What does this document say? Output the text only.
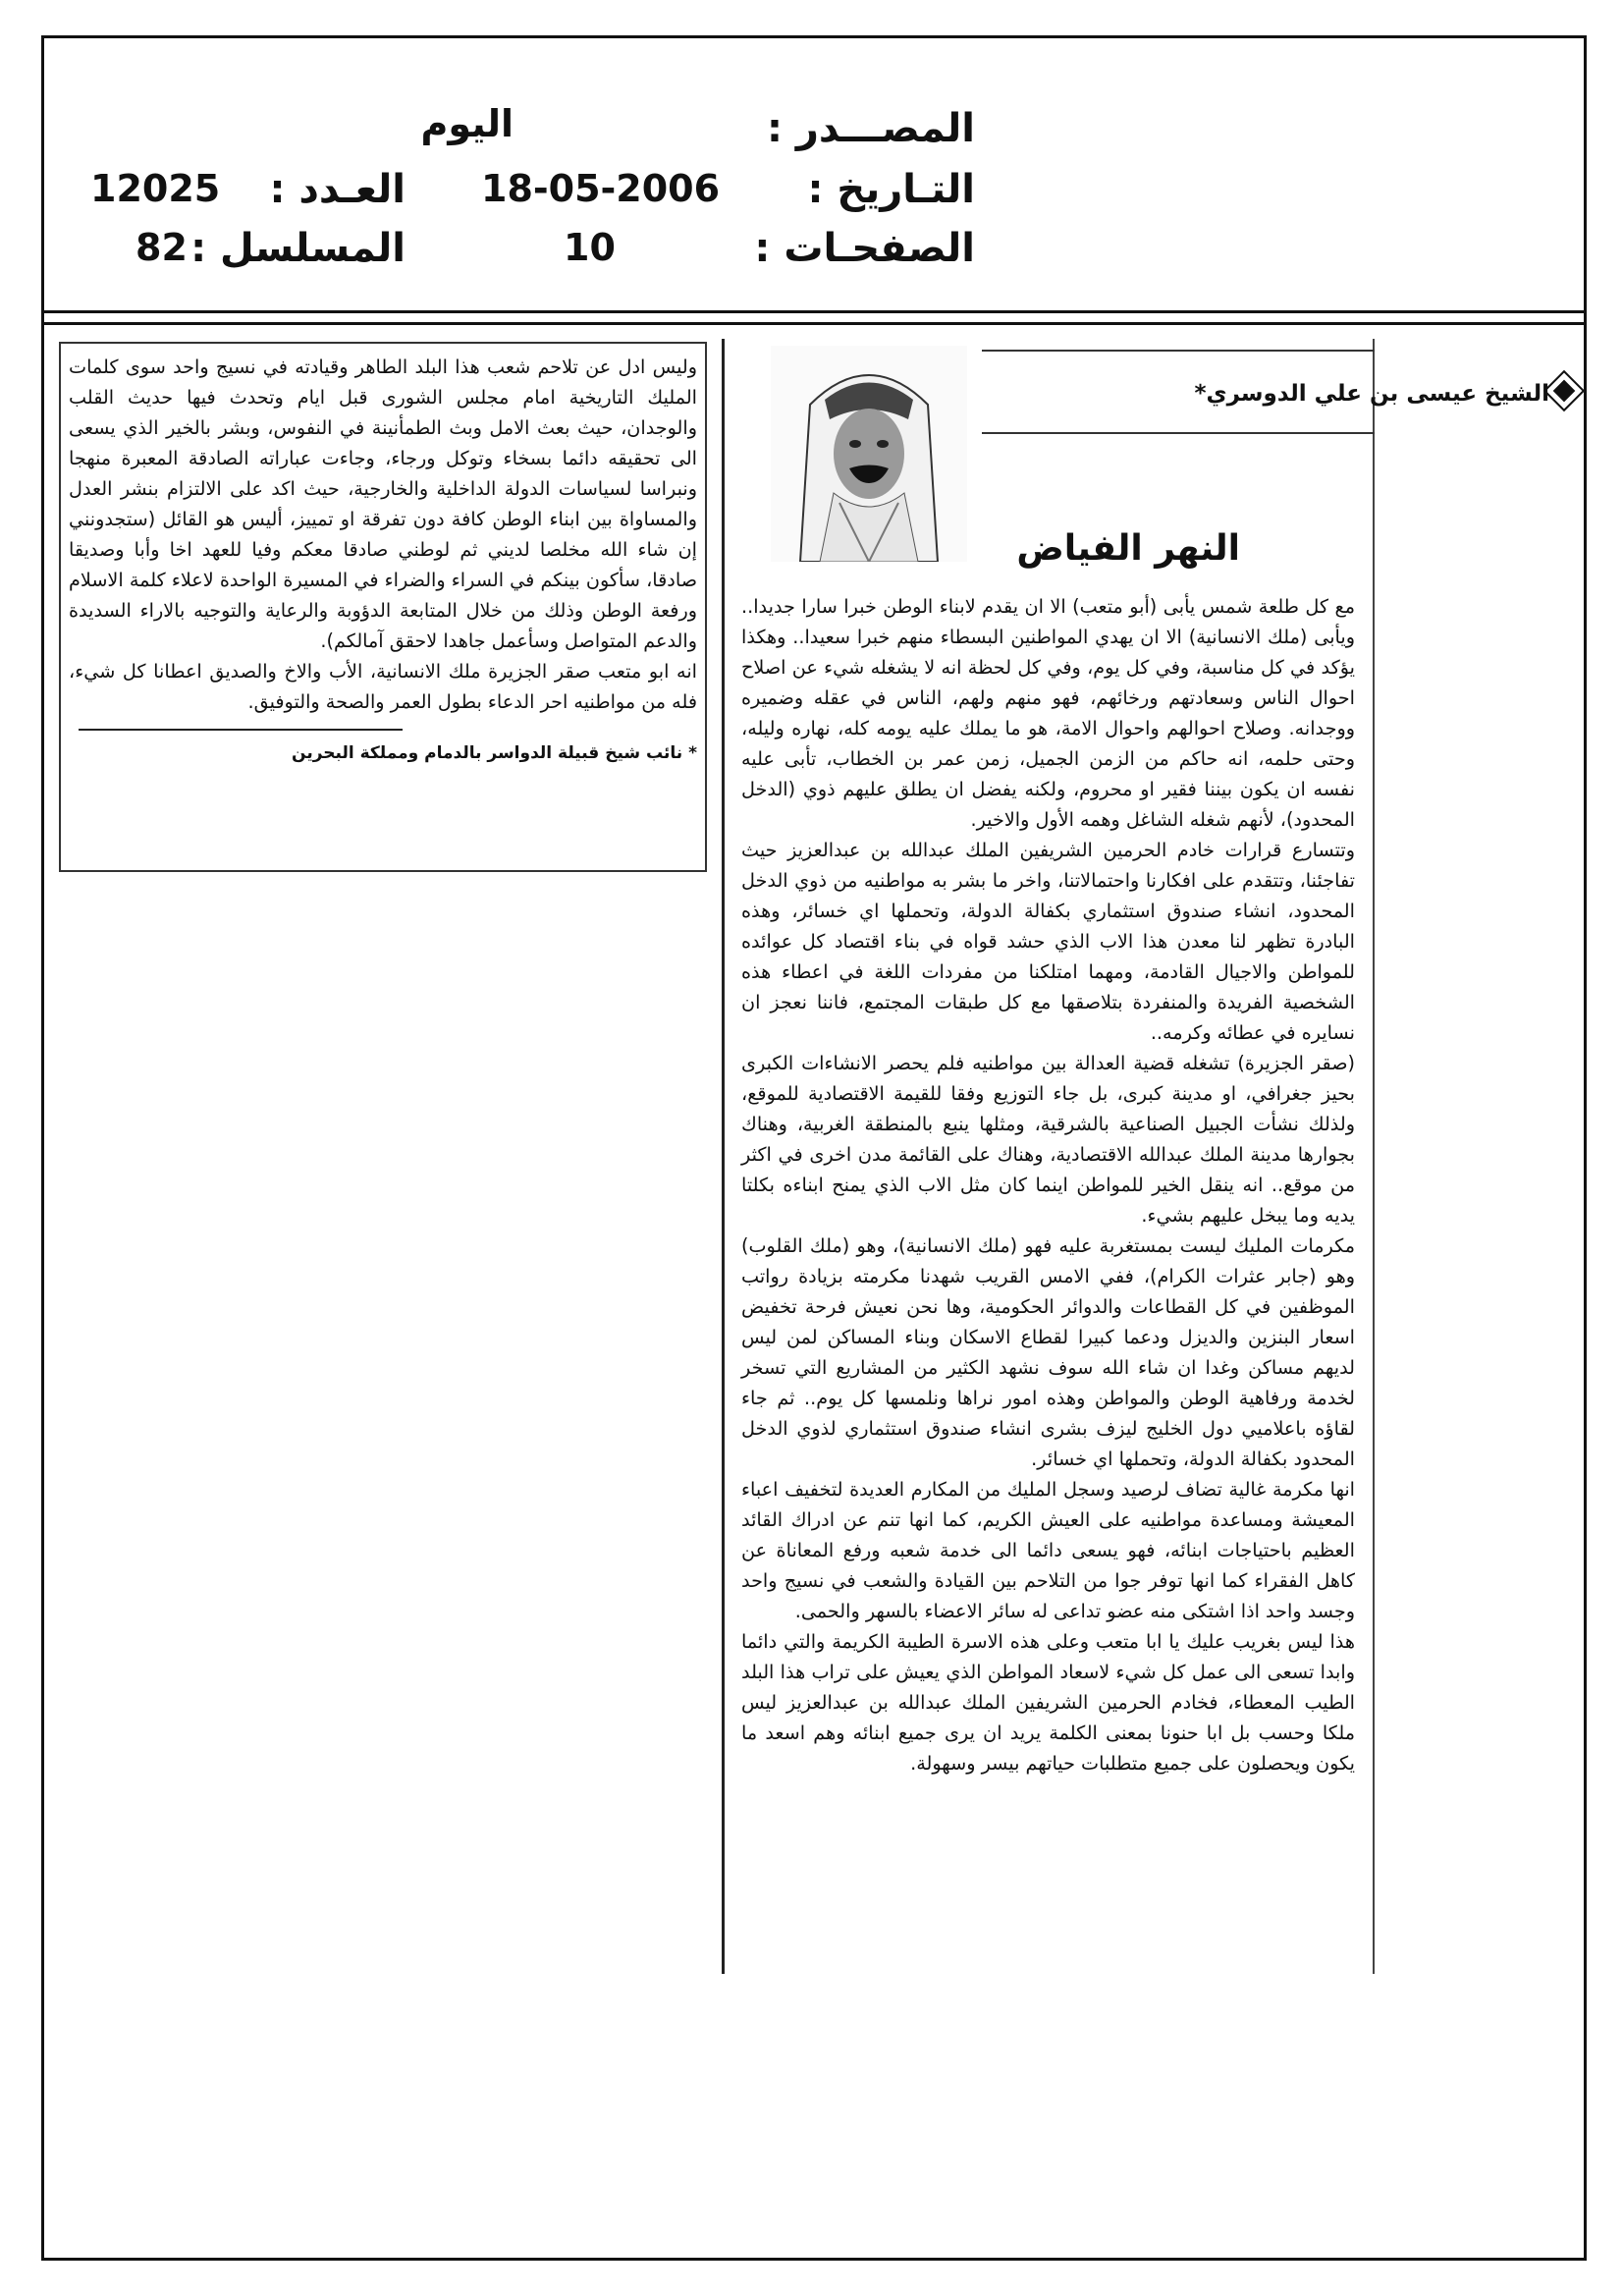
المصـــدر :
اليوم
التـاريخ :
18-05-2006
العـدد :
12025
الصفحـات :
10
المسلسل :
82
الشيخ عيسى بن علي الدوسري*
النهر الفياض

مع كل طلعة شمس يأبى (أبو متعب) الا ان يقدم لابناء الوطن خبرا سارا جديدا.. ويأبى (ملك الانسانية) الا ان يهدي المواطنين البسطاء منهم خبرا سعيدا.. وهكذا يؤكد في كل مناسبة، وفي كل يوم، وفي كل لحظة انه لا يشغله شيء عن اصلاح احوال الناس وسعادتهم ورخائهم، فهو منهم ولهم، الناس في عقله وضميره ووجدانه. وصلاح احوالهم واحوال الامة، هو ما يملك عليه يومه كله، نهاره وليله، وحتى حلمه، انه حاكم من الزمن الجميل، زمن عمر بن الخطاب، تأبى عليه نفسه ان يكون بيننا فقير او محروم، ولكنه يفضل ان يطلق عليهم ذوي (الدخل المحدود)، لأنهم شغله الشاغل وهمه الأول والاخير.

وتتسارع قرارات خادم الحرمين الشريفين الملك عبدالله بن عبدالعزيز حيث تفاجئنا، وتتقدم على افكارنا واحتمالاتنا، واخر ما بشر به مواطنيه من ذوي الدخل المحدود، انشاء صندوق استثماري بكفالة الدولة، وتحملها اي خسائر، وهذه البادرة تظهر لنا معدن هذا الاب الذي حشد قواه في بناء اقتصاد كل عوائده للمواطن والاجيال القادمة، ومهما امتلكنا من مفردات اللغة في اعطاء هذه الشخصية الفريدة والمنفردة بتلاصقها مع كل طبقات المجتمع، فاننا نعجز ان نسايره في عطائه وكرمه..

(صقر الجزيرة) تشغله قضية العدالة بين مواطنيه فلم يحصر الانشاءات الكبرى بحيز جغرافي، او مدينة كبرى، بل جاء التوزيع وفقا للقيمة الاقتصادية للموقع، ولذلك نشأت الجبيل الصناعية بالشرقية، ومثلها ينبع بالمنطقة الغربية، وهناك بجوارها مدينة الملك عبدالله الاقتصادية، وهناك على القائمة مدن اخرى في اكثر من موقع.. انه ينقل الخير للمواطن اينما كان مثل الاب الذي يمنح ابناءه بكلتا يديه وما يبخل عليهم بشيء.

مكرمات المليك ليست بمستغربة عليه فهو (ملك الانسانية)، وهو (ملك القلوب) وهو (جابر عثرات الكرام)، ففي الامس القريب شهدنا مكرمته بزيادة رواتب الموظفين في كل القطاعات والدوائر الحكومية، وها نحن نعيش فرحة تخفيض اسعار البنزين والديزل ودعما كبيرا لقطاع الاسكان وبناء المساكن لمن ليس لديهم مساكن وغدا ان شاء الله سوف نشهد الكثير من المشاريع التي تسخر لخدمة ورفاهية الوطن والمواطن وهذه امور نراها ونلمسها كل يوم.. ثم جاء لقاؤه باعلاميي دول الخليج ليزف بشرى انشاء صندوق استثماري لذوي الدخل المحدود بكفالة الدولة، وتحملها اي خسائر.

انها مكرمة غالية تضاف لرصيد وسجل المليك من المكارم العديدة لتخفيف اعباء المعيشة ومساعدة مواطنيه على العيش الكريم، كما انها تنم عن ادراك القائد العظيم باحتياجات ابنائه، فهو يسعى دائما الى خدمة شعبه ورفع المعاناة عن كاهل الفقراء كما انها توفر جوا من التلاحم بين القيادة والشعب في نسيج واحد وجسد واحد اذا اشتكى منه عضو تداعى له سائر الاعضاء بالسهر والحمى.

هذا ليس بغريب عليك يا ابا متعب وعلى هذه الاسرة الطيبة الكريمة والتي دائما وابدا تسعى الى عمل كل شيء لاسعاد المواطن الذي يعيش على تراب هذا البلد الطيب المعطاء، فخادم الحرمين الشريفين الملك عبدالله بن عبدالعزيز ليس ملكا وحسب بل ابا حنونا بمعنى الكلمة يريد ان يرى جميع ابنائه وهم اسعد ما يكون ويحصلون على جميع متطلبات حياتهم بيسر وسهولة.

وليس ادل عن تلاحم شعب هذا البلد الطاهر وقيادته في نسيج واحد سوى كلمات المليك التاريخية امام مجلس الشورى قبل ايام وتحدث فيها حديث القلب والوجدان، حيث بعث الامل وبث الطمأنينة في النفوس، وبشر بالخير الذي يسعى الى تحقيقه دائما بسخاء وتوكل ورجاء، وجاءت عباراته الصادقة المعبرة منهجا ونبراسا لسياسات الدولة الداخلية والخارجية، حيث اكد على الالتزام بنشر العدل والمساواة بين ابناء الوطن كافة دون تفرقة او تمييز، أليس هو القائل (ستجدونني إن شاء الله مخلصا لديني ثم لوطني صادقا معكم وفيا للعهد اخا وأبا وصديقا صادقا، سأكون بينكم في السراء والضراء في المسيرة الواحدة لاعلاء كلمة الاسلام ورفعة الوطن وذلك من خلال المتابعة الدؤوبة والرعاية والتوجيه بالاراء السديدة والدعم المتواصل وسأعمل جاهدا لاحقق آمالكم).

انه ابو متعب صقر الجزيرة ملك الانسانية، الأب والاخ والصديق اعطانا كل شيء، فله من مواطنيه احر الدعاء بطول العمر والصحة والتوفيق.

* نائب شيخ قبيلة الدواسر بالدمام ومملكة البحرين
